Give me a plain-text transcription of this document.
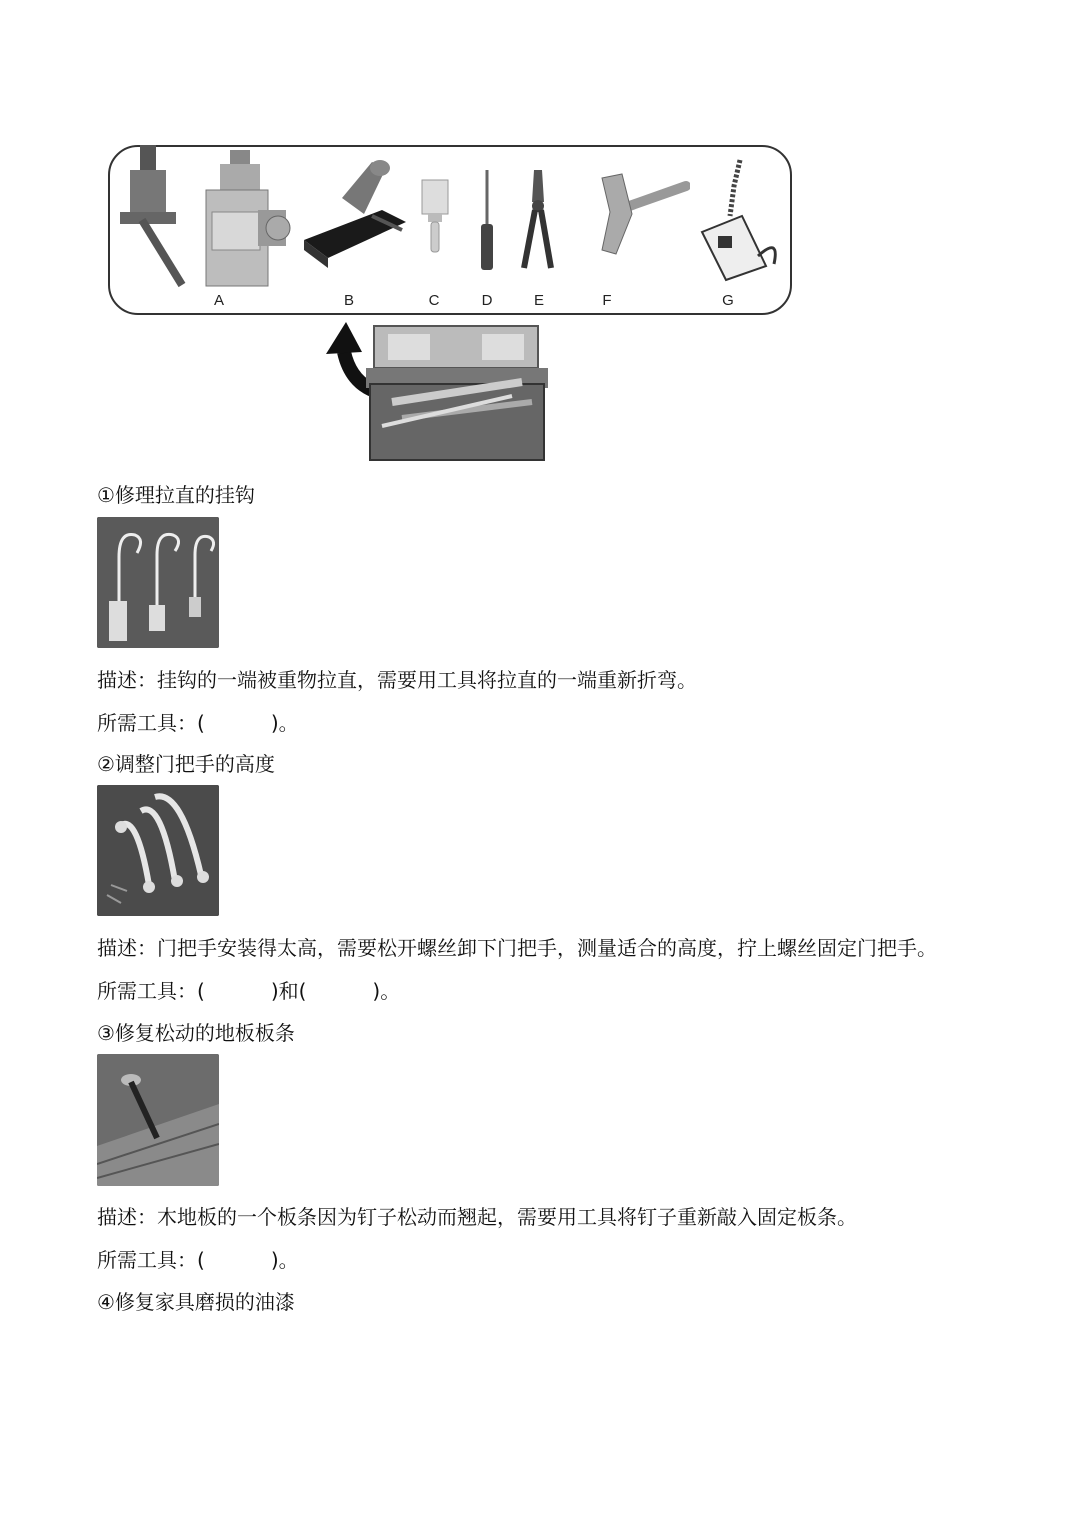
A	B	C	D	E	F	G
①修理拉直的挂钩
描述：挂钩的一端被重物拉直，需要用工具将拉直的一端重新折弯。
所需工具：(	)。
②调整门把手的高度
描述：门把手安装得太高，需要松开螺丝卸下门把手，测量适合的高度，拧上螺丝固定门把手。
所需工具：(	)和(	)。
③修复松动的地板板条
描述：木地板的一个板条因为钉子松动而翘起，需要用工具将钉子重新敲入固定板条。
所需工具：(	)。
④修复家具磨损的油漆
